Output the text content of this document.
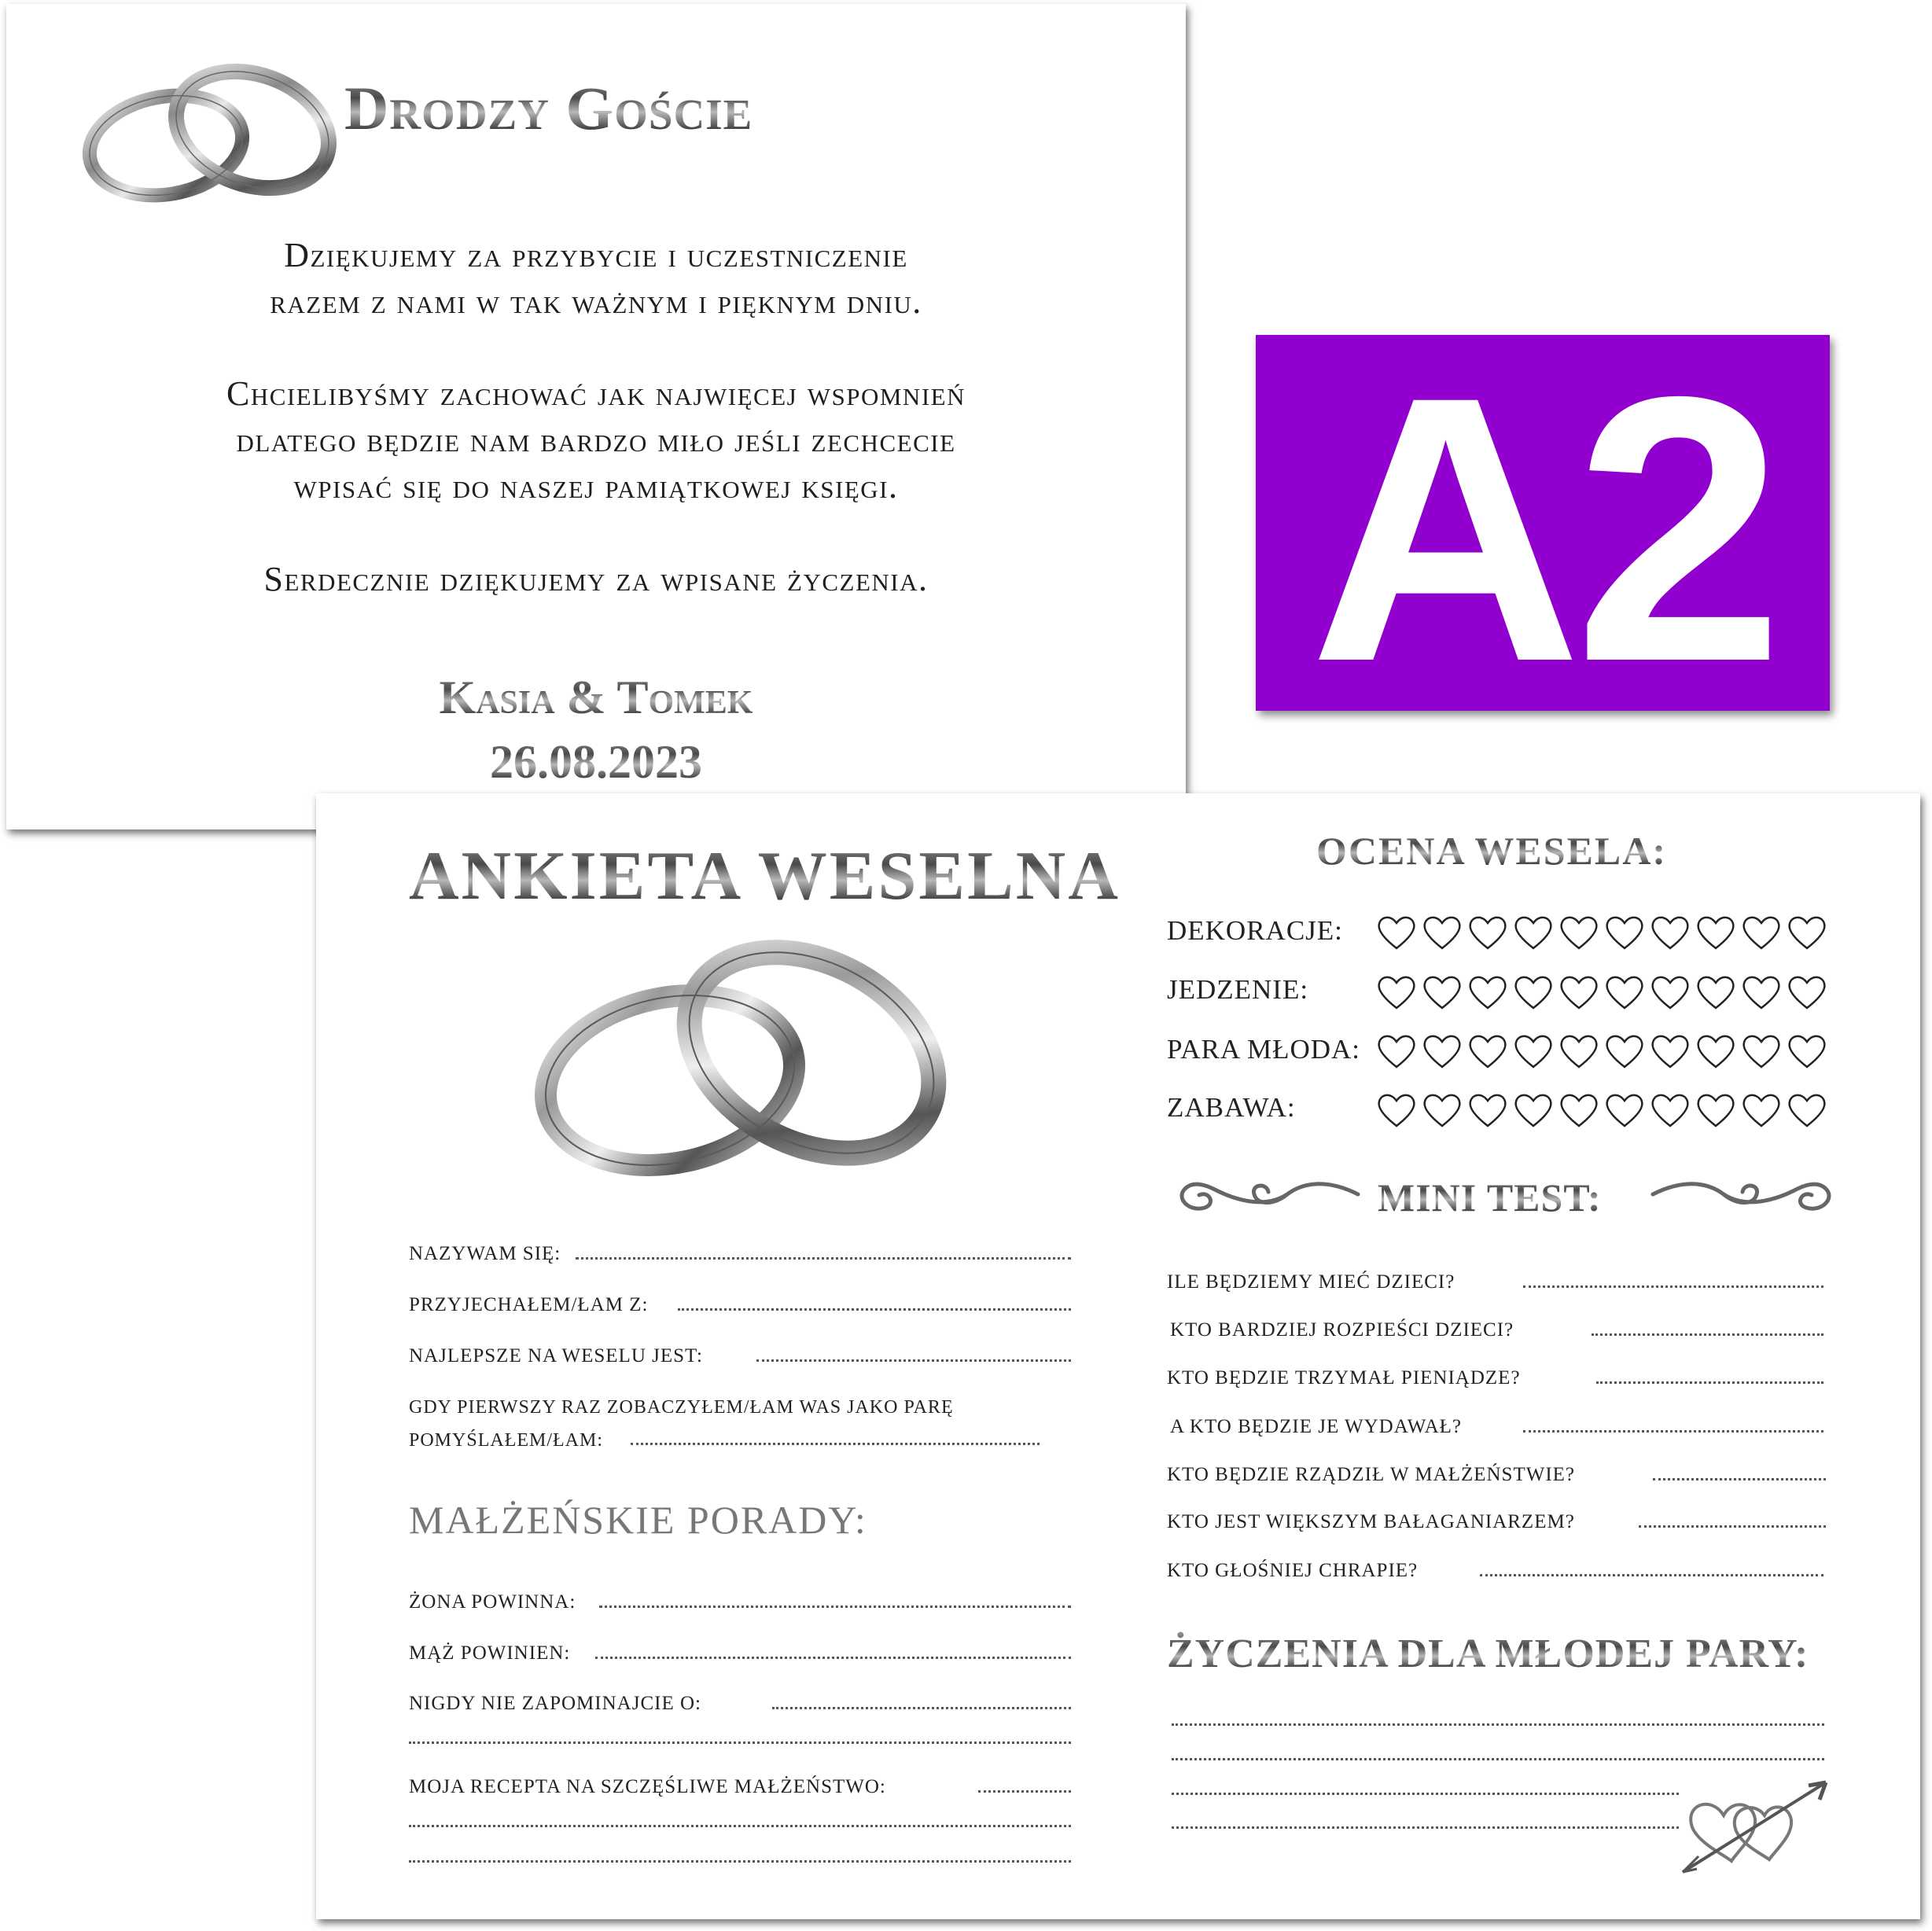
Drodzy Goście
Dziękujemy za przybycie i uczestniczenie
razem z nami w tak ważnym i pięknym dniu.
Chcielibyśmy zachować jak najwięcej wspomnień
dlatego będzie nam bardzo miło jeśli zechcecie
wpisać się do naszej pamiątkowej księgi.
Serdecznie dziękujemy za wpisane życzenia.
Kasia & Tomek
26.08.2023
A2
ANKIETA WESELNA
NAZYWAM SIĘ:
PRZYJECHAŁEM/ŁAM Z:
NAJLEPSZE NA WESELU JEST:
GDY PIERWSZY RAZ ZOBACZYŁEM/ŁAM WAS JAKO PARĘ
POMYŚLAŁEM/ŁAM:
MAŁŻEŃSKIE PORADY:
ŻONA POWINNA:
MĄŻ POWINIEN:
NIGDY NIE ZAPOMINAJCIE O:
MOJA RECEPTA NA SZCZĘŚLIWE MAŁŻEŃSTWO:
OCENA WESELA:
DEKORACJE:
JEDZENIE:
PARA MŁODA:
ZABAWA:
MINI TEST:
ILE BĘDZIEMY MIEĆ DZIECI?
KTO BARDZIEJ ROZPIEŚCI DZIECI?
KTO BĘDZIE TRZYMAŁ PIENIĄDZE?
A KTO BĘDZIE JE WYDAWAŁ?
KTO BĘDZIE RZĄDZIŁ W MAŁŻEŃSTWIE?
KTO JEST WIĘKSZYM BAŁAGANIARZEM?
KTO GŁOŚNIEJ CHRAPIE?
ŻYCZENIA DLA MŁODEJ PARY:
